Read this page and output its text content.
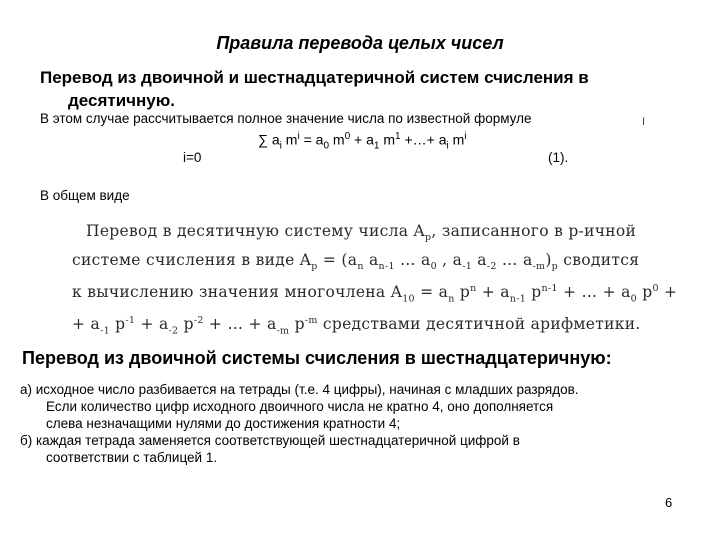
Правила перевода целых чисел
Перевод из двоичной и шестнадцатеричной систем счисления в
десятичную.
В этом случае рассчитывается полное значение числа по известной формуле	I
∑ $a_i$ $m^i = a_0$ $m^0 + a_1$ $m^1$ +…+ $a_i$ $m^i$
i=0	(1).
В общем виде
Перевод в десятичную систему числа $A_p$, записанного в p-ичной
системе счисления в виде $A_p = (a_n$ $a_{n-1}$ … $a_0$ , $a_{-1}$ $a_{-2}$ … $a_{-m})_p$ сводится
к вычислению значения многочлена $A_{10} = a_n$ $p^n + a_{n-1}$ $p^{n-1}$ + … + $a_0$ $p^0$ +
+ $a_{-1}$ $p^{-1} + a_{-2}$ $p^{-2}$ + … + $a_{-m}$ $p^{-m}$ средствами десятичной арифметики.
Перевод из двоичной системы счисления в шестнадцатеричную:
а) исходное число разбивается на тетрады (т.е. 4 цифры), начиная с младших разрядов.
Если количество цифр исходного двоичного числа не кратно 4, оно дополняется
слева незначащими нулями до достижения кратности 4;
б) каждая тетрада заменяется соответствующей шестнадцатеричной цифрой в
соответствии с таблицей 1.
6
